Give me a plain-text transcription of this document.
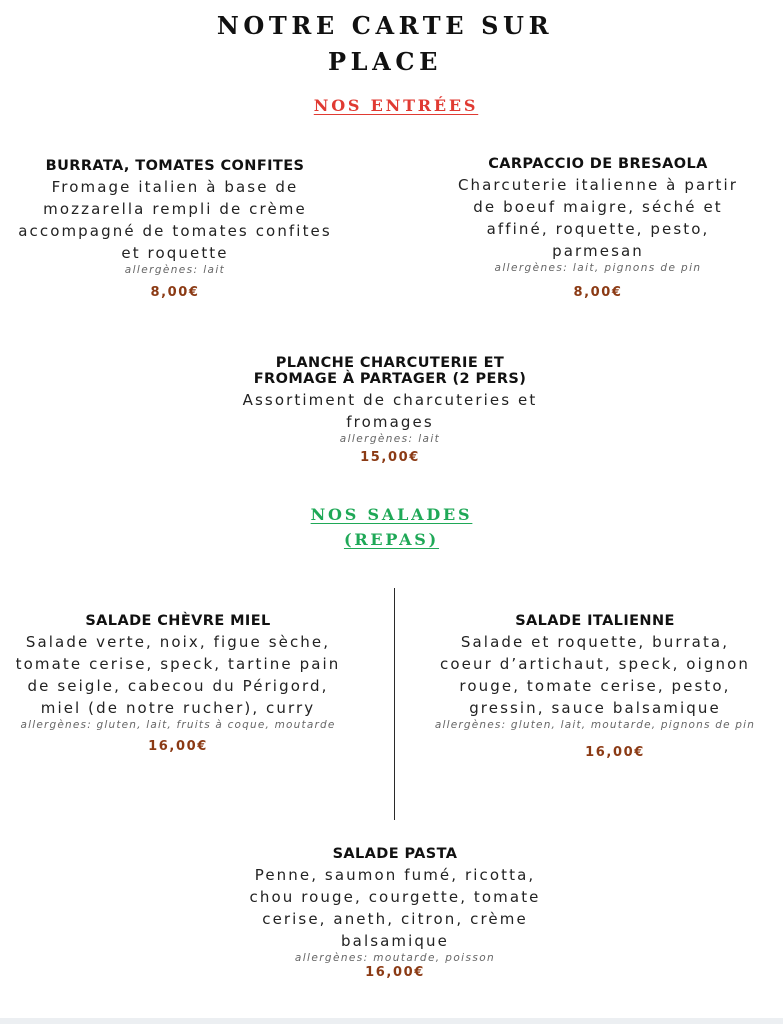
NOTRE CARTE SUR
PLACE
NOS ENTRÉES
BURRATA, TOMATES CONFITES
Fromage italien à base de
mozzarella rempli de crème
accompagné de tomates confites
et roquette
allergènes: lait
8,00€
CARPACCIO DE BRESAOLA
Charcuterie italienne à partir
de boeuf maigre, séché et
affiné, roquette, pesto,
parmesan
allergènes: lait, pignons de pin
8,00€
PLANCHE CHARCUTERIE ET
FROMAGE À PARTAGER (2 PERS)
Assortiment de charcuteries et
fromages
allergènes: lait
15,00€
NOS SALADES
(REPAS)
SALADE CHÈVRE MIEL
Salade verte, noix, figue sèche,
tomate cerise, speck, tartine pain
de seigle, cabecou du Périgord,
miel (de notre rucher), curry
allergènes: gluten, lait, fruits à coque, moutarde
16,00€
SALADE ITALIENNE
Salade et roquette, burrata,
coeur d’artichaut, speck, oignon
rouge, tomate cerise, pesto,
gressin, sauce balsamique
allergènes: gluten, lait, moutarde, pignons de pin
16,00€
SALADE PASTA
Penne, saumon fumé, ricotta,
chou rouge, courgette, tomate
cerise, aneth, citron, crème
balsamique
allergènes: moutarde, poisson
16,00€
